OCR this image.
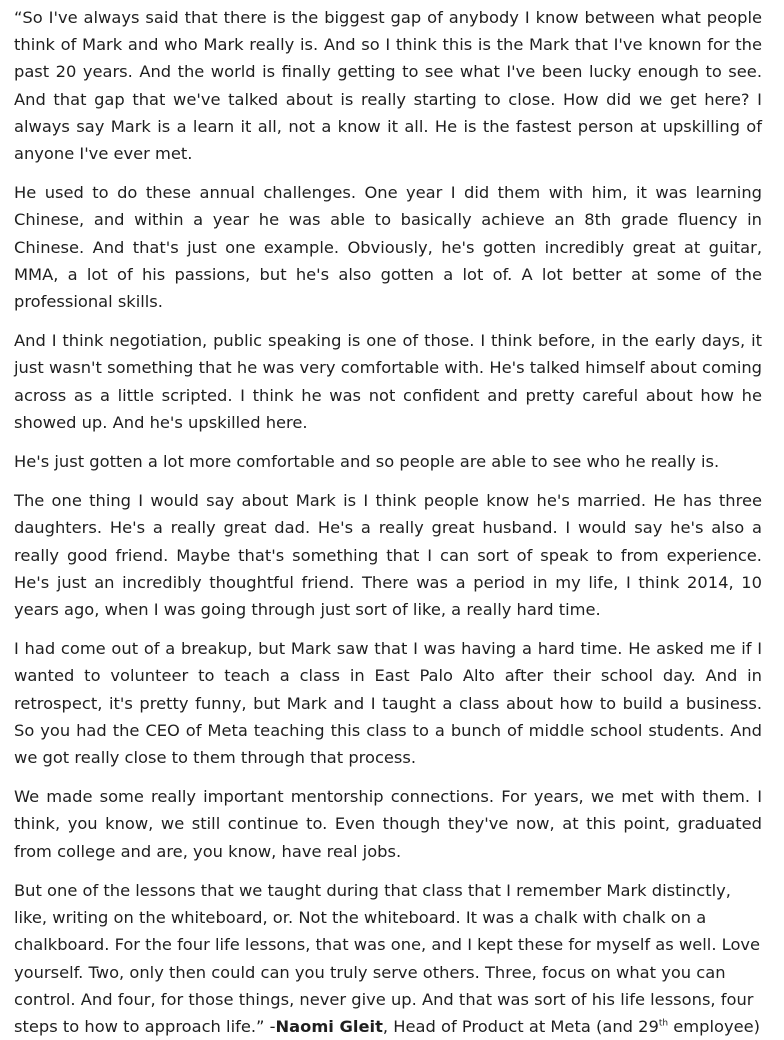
“So I've always said that there is the biggest gap of anybody I know between what people think of Mark and who Mark really is. And so I think this is the Mark that I've known for the past 20 years. And the world is finally getting to see what I've been lucky enough to see. And that gap that we've talked about is really starting to close. How did we get here? I always say Mark is a learn it all, not a know it all. He is the fastest person at upskilling of anyone I've ever met.

He used to do these annual challenges. One year I did them with him, it was learning Chinese, and within a year he was able to basically achieve an 8th grade fluency in Chinese. And that's just one example. Obviously, he's gotten incredibly great at guitar, MMA, a lot of his passions, but he's also gotten a lot of. A lot better at some of the professional skills.

And I think negotiation, public speaking is one of those. I think before, in the early days, it just wasn't something that he was very comfortable with. He's talked himself about coming across as a little scripted. I think he was not confident and pretty careful about how he showed up. And he's upskilled here.

He's just gotten a lot more comfortable and so people are able to see who he really is.

The one thing I would say about Mark is I think people know he's married. He has three daughters. He's a really great dad. He's a really great husband. I would say he's also a really good friend. Maybe that's something that I can sort of speak to from experience. He's just an incredibly thoughtful friend. There was a period in my life, I think 2014, 10 years ago, when I was going through just sort of like, a really hard time.

I had come out of a breakup, but Mark saw that I was having a hard time. He asked me if I wanted to volunteer to teach a class in East Palo Alto after their school day. And in retrospect, it's pretty funny, but Mark and I taught a class about how to build a business. So you had the CEO of Meta teaching this class to a bunch of middle school students. And we got really close to them through that process.

We made some really important mentorship connections. For years, we met with them. I think, you know, we still continue to. Even though they've now, at this point, graduated from college and are, you know, have real jobs.

But one of the lessons that we taught during that class that I remember Mark distinctly, like, writing on the whiteboard, or. Not the whiteboard. It was a chalk with chalk on a chalkboard. For the four life lessons, that was one, and I kept these for myself as well. Love yourself. Two, only then could can you truly serve others. Three, focus on what you can control. And four, for those things, never give up. And that was sort of his life lessons, four steps to how to approach life.” -Naomi Gleit, Head of Product at Meta (and 29th employee)
